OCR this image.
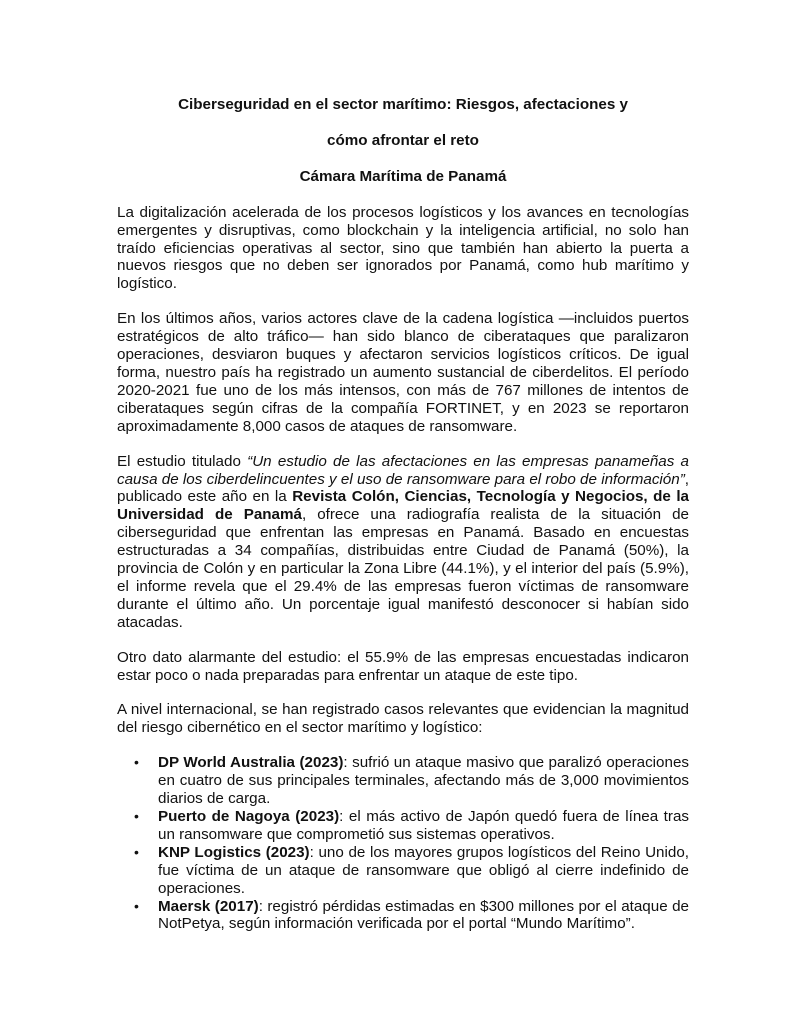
Ciberseguridad en el sector marítimo: Riesgos, afectaciones y

cómo afrontar el reto

Cámara Marítima de Panamá

La digitalización acelerada de los procesos logísticos y los avances en tecnologías emergentes y disruptivas, como blockchain y la inteligencia artificial, no solo han traído eficiencias operativas al sector, sino que también han abierto la puerta a nuevos riesgos que no deben ser ignorados por Panamá, como hub marítimo y logístico.

En los últimos años, varios actores clave de la cadena logística —incluidos puertos estratégicos de alto tráfico— han sido blanco de ciberataques que paralizaron operaciones, desviaron buques y afectaron servicios logísticos críticos. De igual forma, nuestro país ha registrado un aumento sustancial de ciberdelitos. El período 2020-2021 fue uno de los más intensos, con más de 767 millones de intentos de ciberataques según cifras de la compañía FORTINET, y en 2023 se reportaron aproximadamente 8,000 casos de ataques de ransomware.

El estudio titulado “Un estudio de las afectaciones en las empresas panameñas a causa de los ciberdelincuentes y el uso de ransomware para el robo de información”, publicado este año en la Revista Colón, Ciencias, Tecnología y Negocios, de la Universidad de Panamá, ofrece una radiografía realista de la situación de ciberseguridad que enfrentan las empresas en Panamá. Basado en encuestas estructuradas a 34 compañías, distribuidas entre Ciudad de Panamá (50%), la provincia de Colón y en particular la Zona Libre (44.1%), y el interior del país (5.9%), el informe revela que el 29.4% de las empresas fueron víctimas de ransomware durante el último año. Un porcentaje igual manifestó desconocer si habían sido atacadas.

Otro dato alarmante del estudio: el 55.9% de las empresas encuestadas indicaron estar poco o nada preparadas para enfrentar un ataque de este tipo.

A nivel internacional, se han registrado casos relevantes que evidencian la magnitud del riesgo cibernético en el sector marítimo y logístico:

• DP World Australia (2023): sufrió un ataque masivo que paralizó operaciones en cuatro de sus principales terminales, afectando más de 3,000 movimientos diarios de carga.
• Puerto de Nagoya (2023): el más activo de Japón quedó fuera de línea tras un ransomware que comprometió sus sistemas operativos.
• KNP Logistics (2023): uno de los mayores grupos logísticos del Reino Unido, fue víctima de un ataque de ransomware que obligó al cierre indefinido de operaciones.
• Maersk (2017): registró pérdidas estimadas en $300 millones por el ataque de NotPetya, según información verificada por el portal “Mundo Marítimo”.
